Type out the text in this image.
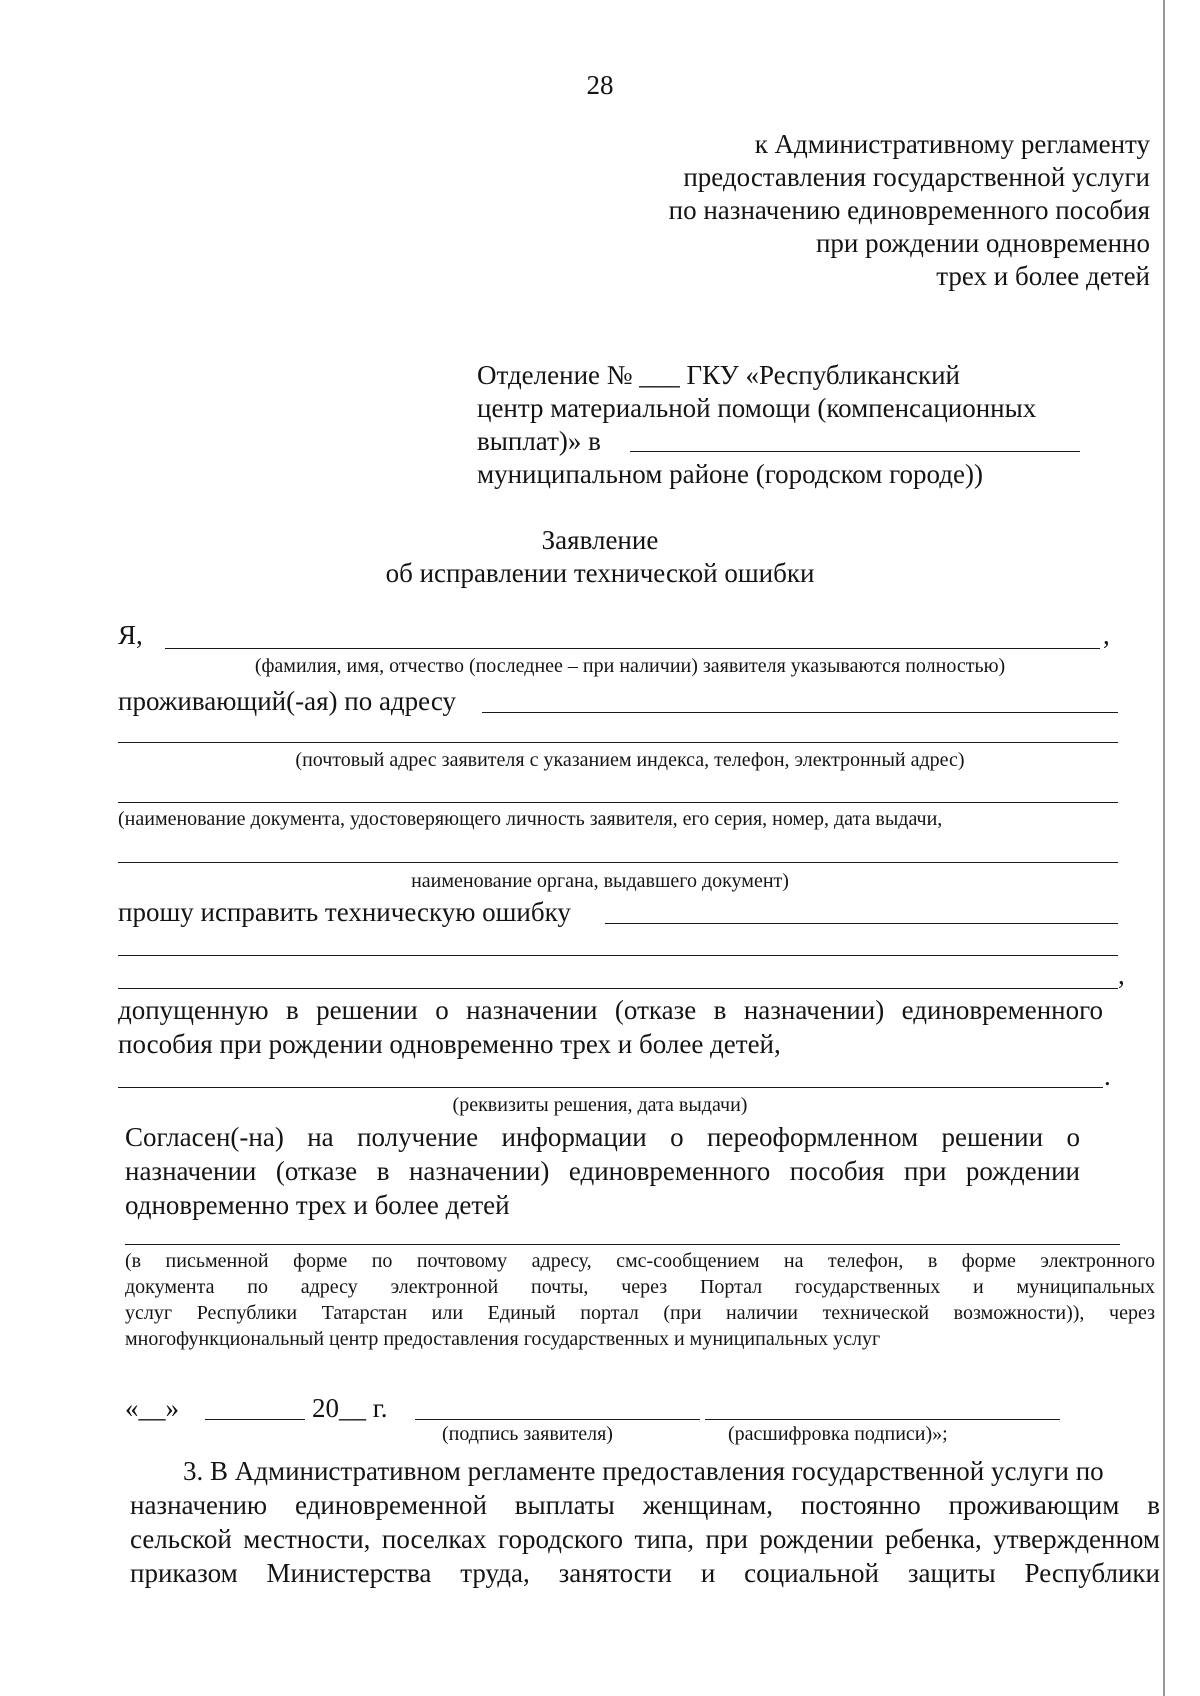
28
к Административному регламенту
предоставления государственной услуги
по назначению единовременного пособия
при рождении одновременно
трех и более детей
Отделение № ___ ГКУ «Республиканский
центр материальной помощи (компенсационных
выплат)» в
муниципальном районе (городском городе))
Заявление
об исправлении технической ошибки
Я,	,
(фамилия, имя, отчество (последнее – при наличии) заявителя указываются полностью)
проживающий(-ая) по адресу
(почтовый адрес заявителя с указанием индекса, телефон, электронный адрес)
(наименование документа, удостоверяющего личность заявителя, его серия, номер, дата выдачи,
наименование органа, выдавшего документ)
прошу исправить техническую ошибку
,
допущенную в решении о назначении (отказе в назначении) единовременного
пособия при рождении одновременно трех и более детей,
.
(реквизиты решения, дата выдачи)
Согласен(-на) на получение информации о переоформленном решении о
назначении (отказе в назначении) единовременного пособия при рождении
одновременно трех и более детей
(в письменной форме по почтовому адресу, смс-сообщением на телефон, в форме электронного
документа по адресу электронной почты, через Портал государственных и муниципальных
услуг Республики Татарстан или Единый портал (при наличии технической возможности)), через
многофункциональный центр предоставления государственных и муниципальных услуг
«__»	20__ г.
(подпись заявителя)	(расшифровка подписи)»;
3. В Административном регламенте предоставления государственной услуги по
назначению единовременной выплаты женщинам, постоянно проживающим в
сельской местности, поселках городского типа, при рождении ребенка, утвержденном
приказом Министерства труда, занятости и социальной защиты Республики
